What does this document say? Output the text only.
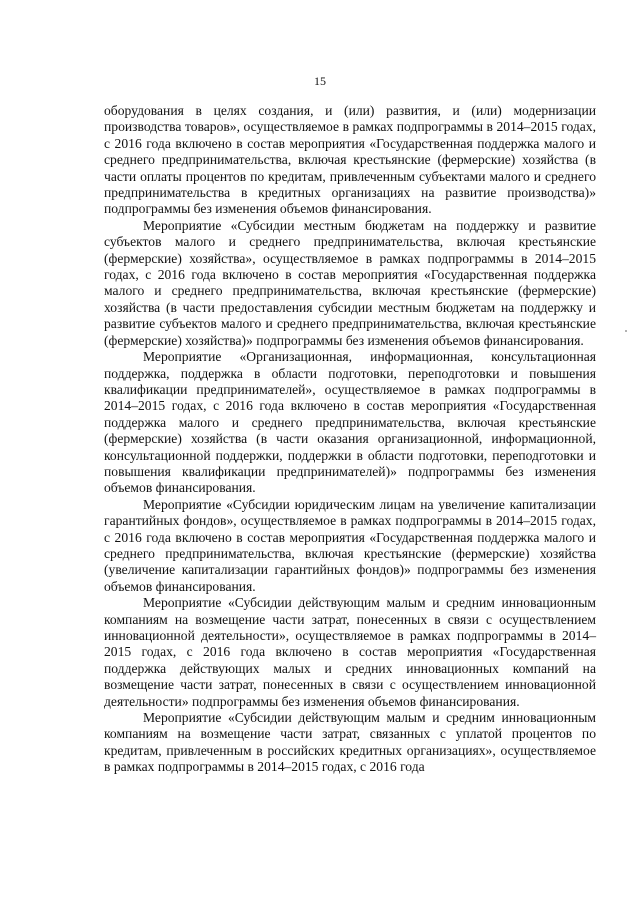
15

оборудования в целях создания, и (или) развития, и (или) модернизации производства товаров», осуществляемое в рамках подпрограммы в 2014–2015 годах, с 2016 года включено в состав мероприятия «Государственная поддержка малого и среднего предпринимательства, включая крестьянские (фермерские) хозяйства (в части оплаты процентов по кредитам, привлеченным субъектами малого и среднего предпринимательства в кредитных организациях на развитие производства)» подпрограммы без изменения объемов финансирования.

Мероприятие «Субсидии местным бюджетам на поддержку и развитие субъектов малого и среднего предпринимательства, включая крестьянские (фермерские) хозяйства», осуществляемое в рамках подпрограммы в 2014–2015 годах, с 2016 года включено в состав мероприятия «Государственная поддержка малого и среднего предпринимательства, включая крестьянские (фермерские) хозяйства (в части предоставления субсидии местным бюджетам на поддержку и развитие субъектов малого и среднего предпринимательства, включая крестьянские (фермерские) хозяйства)» подпрограммы без изменения объемов финансирования.

Мероприятие «Организационная, информационная, консультационная поддержка, поддержка в области подготовки, переподготовки и повышения квалификации предпринимателей», осуществляемое в рамках подпрограммы в 2014–2015 годах, с 2016 года включено в состав мероприятия «Государственная поддержка малого и среднего предпринимательства, включая крестьянские (фермерские) хозяйства (в части оказания организационной, информационной, консультационной поддержки, поддержки в области подготовки, переподготовки и повышения квалификации предпринимателей)» подпрограммы без изменения объемов финансирования.

Мероприятие «Субсидии юридическим лицам на увеличение капитализации гарантийных фондов», осуществляемое в рамках подпрограммы в 2014–2015 годах, с 2016 года включено в состав мероприятия «Государственная поддержка малого и среднего предпринимательства, включая крестьянские (фермерские) хозяйства (увеличение капитализации гарантийных фондов)» подпрограммы без изменения объемов финансирования.

Мероприятие «Субсидии действующим малым и средним инновационным компаниям на возмещение части затрат, понесенных в связи с осуществлением инновационной деятельности», осуществляемое в рамках подпрограммы в 2014–2015 годах, с 2016 года включено в состав мероприятия «Государственная поддержка действующих малых и средних инновационных компаний на возмещение части затрат, понесенных в связи с осуществлением инновационной деятельности» подпрограммы без изменения объемов финансирования.

Мероприятие «Субсидии действующим малым и средним инновационным компаниям на возмещение части затрат, связанных с уплатой процентов по кредитам, привлеченным в российских кредитных организациях», осуществляемое в рамках подпрограммы в 2014–2015 годах, с 2016 года
